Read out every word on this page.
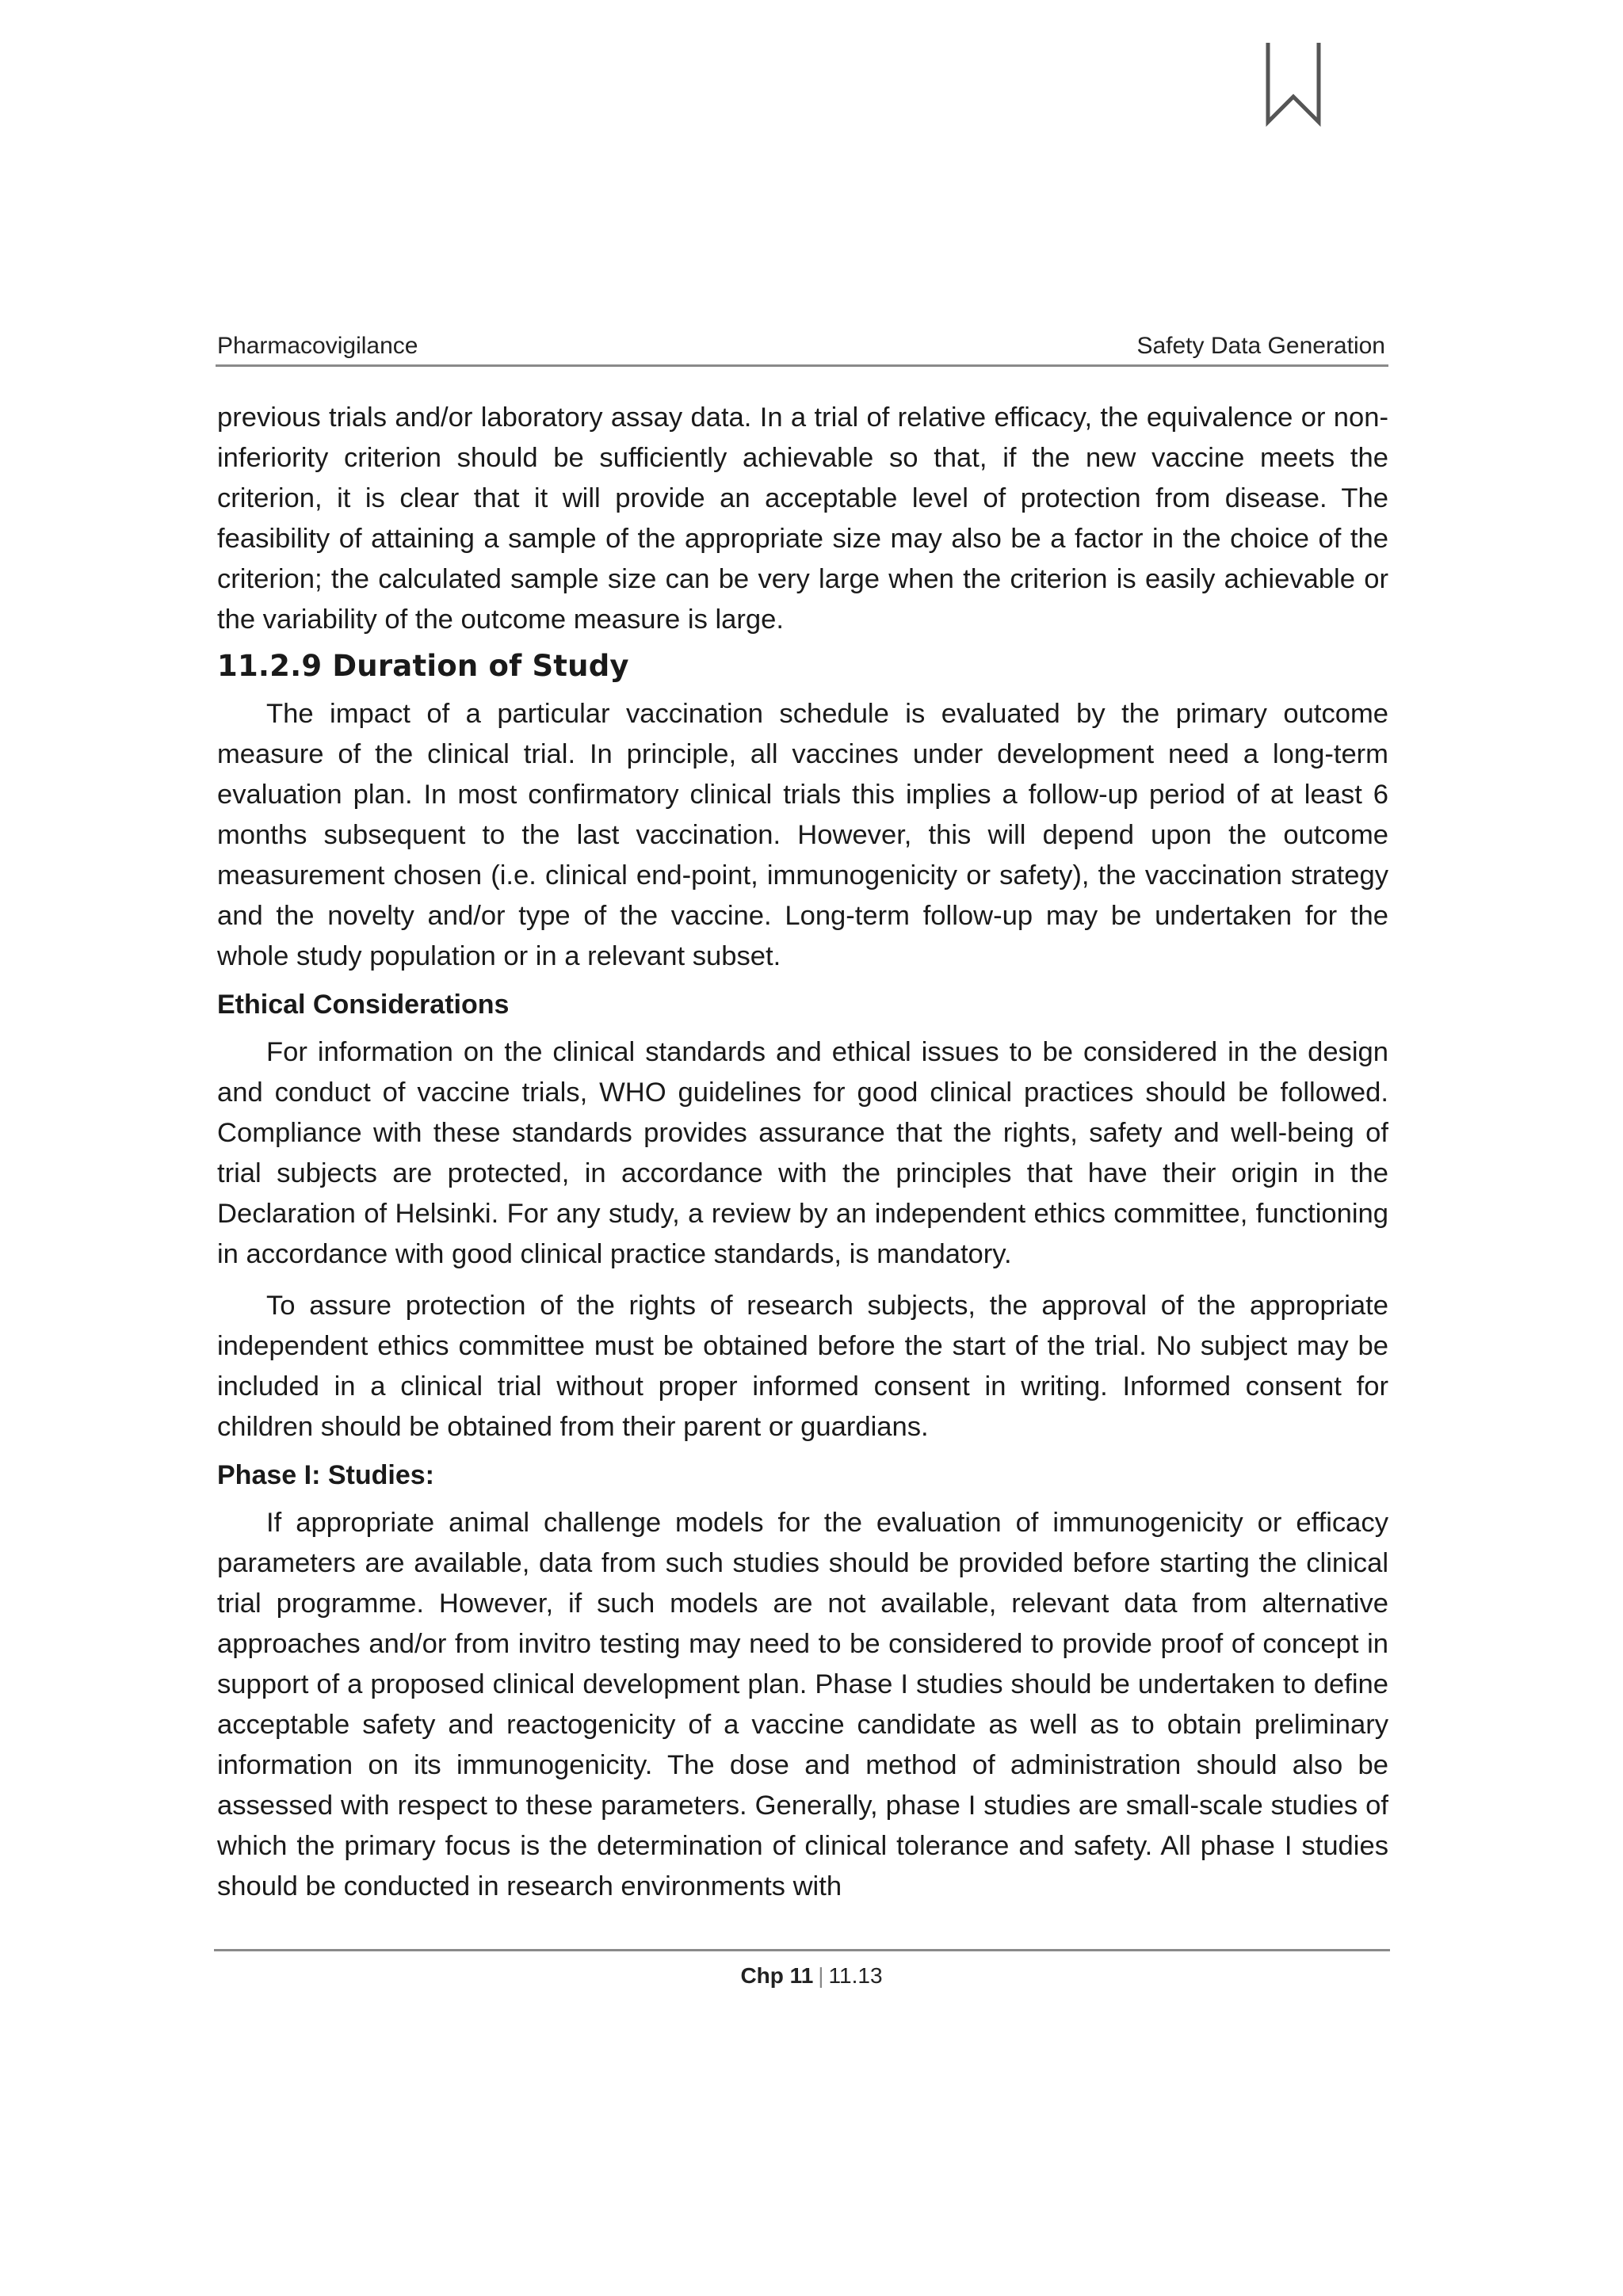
Pharmacovigilance	Safety Data Generation

previous trials and/or laboratory assay data. In a trial of relative efficacy, the equivalence or non-inferiority criterion should be sufficiently achievable so that, if the new vaccine meets the criterion, it is clear that it will provide an acceptable level of protection from disease. The feasibility of attaining a sample of the appropriate size may also be a factor in the choice of the criterion; the calculated sample size can be very large when the criterion is easily achievable or the variability of the outcome measure is large.

11.2.9 Duration of Study

The impact of a particular vaccination schedule is evaluated by the primary outcome measure of the clinical trial. In principle, all vaccines under development need a long-term evaluation plan. In most confirmatory clinical trials this implies a follow-up period of at least 6 months subsequent to the last vaccination. However, this will depend upon the outcome measurement chosen (i.e. clinical end-point, immunogenicity or safety), the vaccination strategy and the novelty and/or type of the vaccine. Long-term follow-up may be undertaken for the whole study population or in a relevant subset.

Ethical Considerations

For information on the clinical standards and ethical issues to be considered in the design and conduct of vaccine trials, WHO guidelines for good clinical practices should be followed. Compliance with these standards provides assurance that the rights, safety and well-being of trial subjects are protected, in accordance with the principles that have their origin in the Declaration of Helsinki. For any study, a review by an independent ethics committee, functioning in accordance with good clinical practice standards, is mandatory.

To assure protection of the rights of research subjects, the approval of the appropriate independent ethics committee must be obtained before the start of the trial. No subject may be included in a clinical trial without proper informed consent in writing. Informed consent for children should be obtained from their parent or guardians.

Phase I: Studies:

If appropriate animal challenge models for the evaluation of immunogenicity or efficacy parameters are available, data from such studies should be provided before starting the clinical trial programme. However, if such models are not available, relevant data from alternative approaches and/or from invitro testing may need to be considered to provide proof of concept in support of a proposed clinical development plan. Phase I studies should be undertaken to define acceptable safety and reactogenicity of a vaccine candidate as well as to obtain preliminary information on its immunogenicity. The dose and method of administration should also be assessed with respect to these parameters. Generally, phase I studies are small-scale studies of which the primary focus is the determination of clinical tolerance and safety. All phase I studies should be conducted in research environments with

Chp 11 | 11.13
